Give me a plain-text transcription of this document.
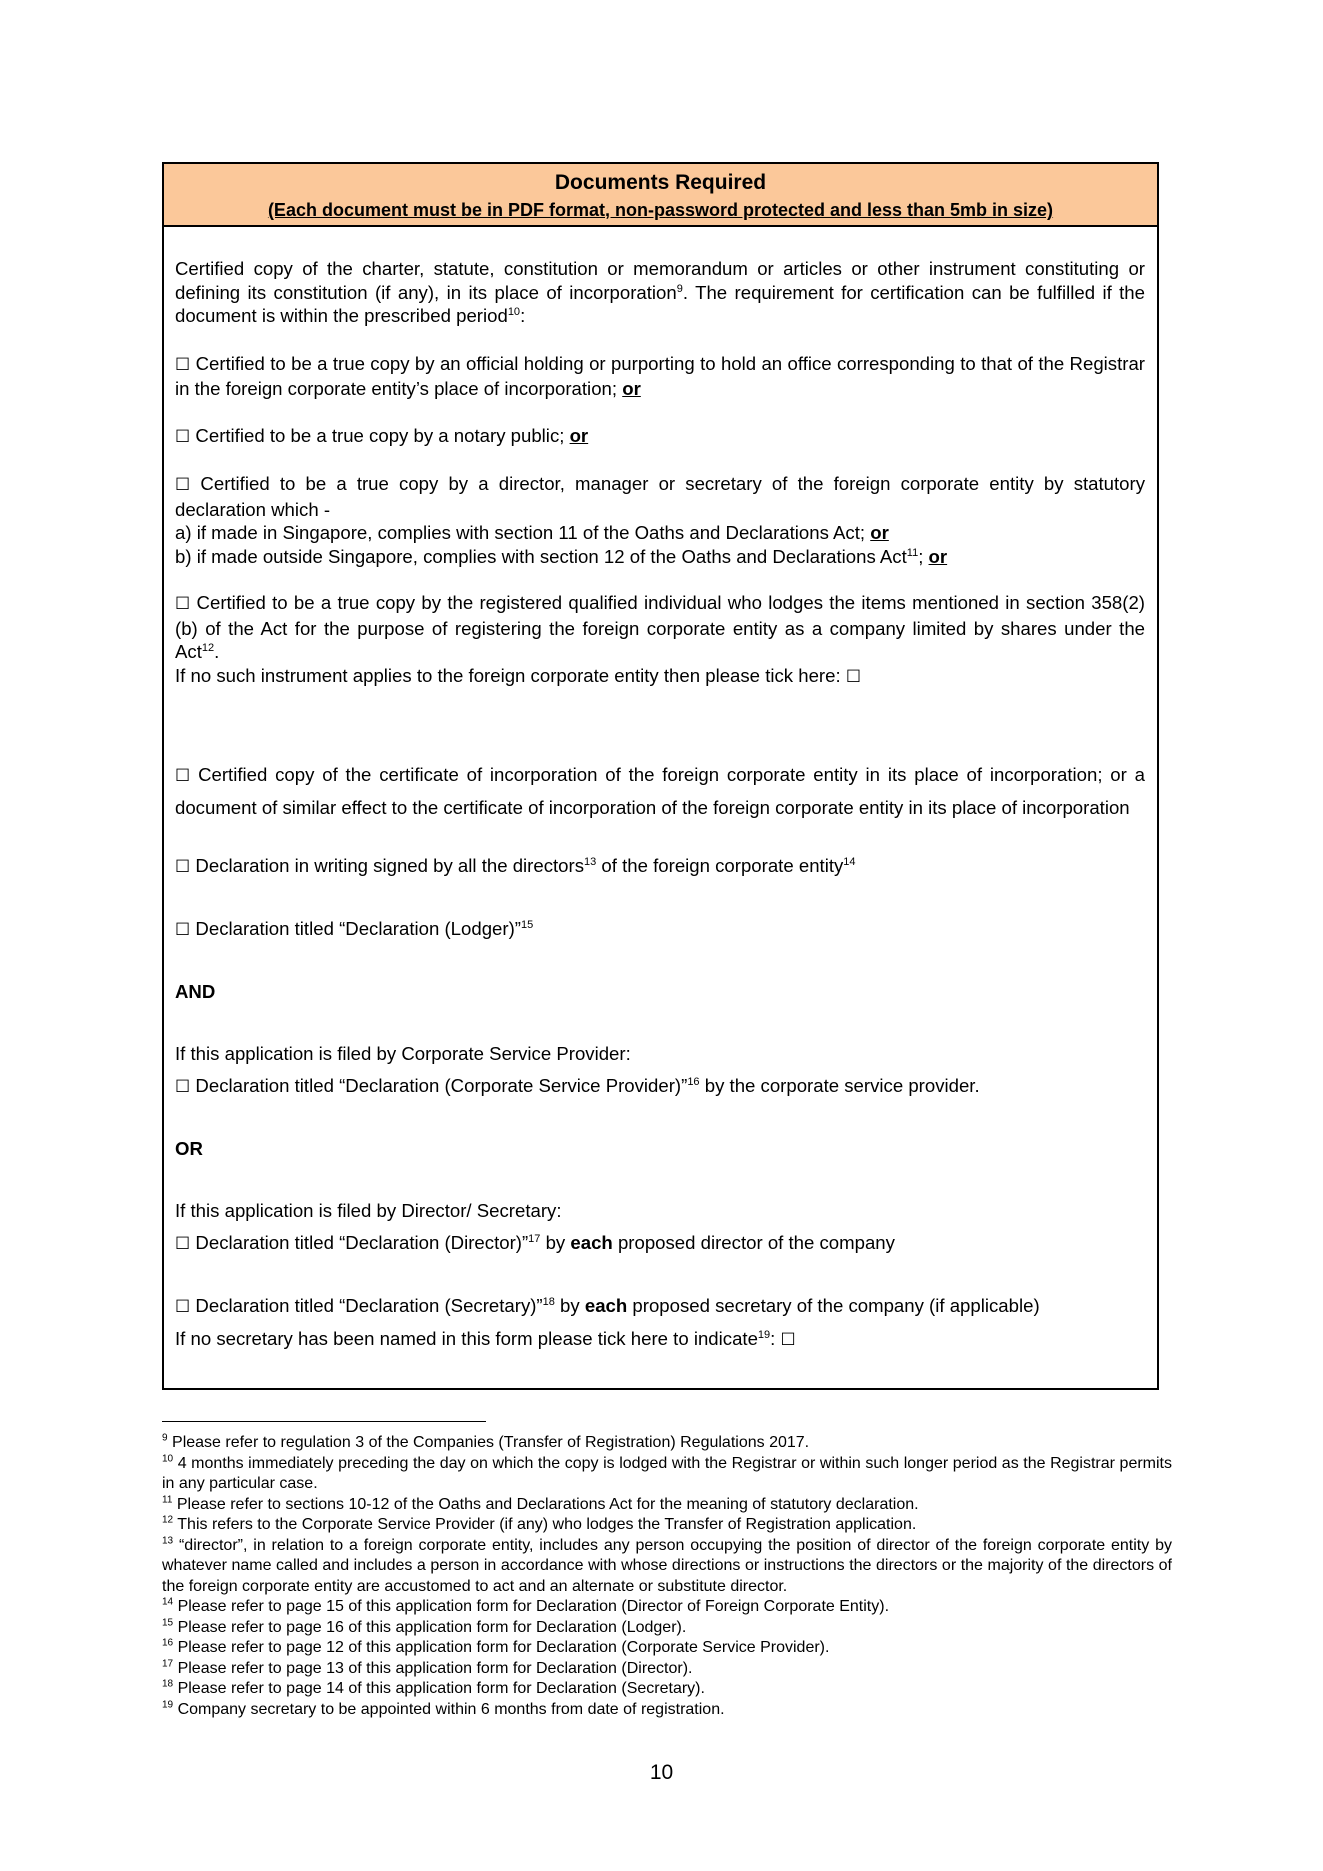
Documents Required
(Each document must be in PDF format, non-password protected and less than 5mb in size)

Certified copy of the charter, statute, constitution or memorandum or articles or other instrument constituting or defining its constitution (if any), in its place of incorporation$^9$. The requirement for certification can be fulfilled if the document is within the prescribed period$^{10}$:

☐ Certified to be a true copy by an official holding or purporting to hold an office corresponding to that of the Registrar in the foreign corporate entity’s place of incorporation; or

☐ Certified to be a true copy by a notary public; or

☐ Certified to be a true copy by a director, manager or secretary of the foreign corporate entity by statutory declaration which -

a) if made in Singapore, complies with section 11 of the Oaths and Declarations Act; or

b) if made outside Singapore, complies with section 12 of the Oaths and Declarations Act$^{11}$; or

☐ Certified to be a true copy by the registered qualified individual who lodges the items mentioned in section 358(2)(b) of the Act for the purpose of registering the foreign corporate entity as a company limited by shares under the Act$^{12}$.

If no such instrument applies to the foreign corporate entity then please tick here: ☐

☐ Certified copy of the certificate of incorporation of the foreign corporate entity in its place of incorporation; or a document of similar effect to the certificate of incorporation of the foreign corporate entity in its place of incorporation

☐ Declaration in writing signed by all the directors$^{13}$ of the foreign corporate entity$^{14}$

☐ Declaration titled “Declaration (Lodger)”$^{15}$

AND

If this application is filed by Corporate Service Provider:

☐ Declaration titled “Declaration (Corporate Service Provider)”$^{16}$ by the corporate service provider.

OR

If this application is filed by Director/ Secretary:

☐ Declaration titled “Declaration (Director)”$^{17}$ by each proposed director of the company

☐ Declaration titled “Declaration (Secretary)”$^{18}$ by each proposed secretary of the company (if applicable)

If no secretary has been named in this form please tick here to indicate$^{19}$: ☐

$^9$ Please refer to regulation 3 of the Companies (Transfer of Registration) Regulations 2017.

$^{10}$ 4 months immediately preceding the day on which the copy is lodged with the Registrar or within such longer period as the Registrar permits in any particular case.

$^{11}$ Please refer to sections 10-12 of the Oaths and Declarations Act for the meaning of statutory declaration.

$^{12}$ This refers to the Corporate Service Provider (if any) who lodges the Transfer of Registration application.

$^{13}$ “director”, in relation to a foreign corporate entity, includes any person occupying the position of director of the foreign corporate entity by whatever name called and includes a person in accordance with whose directions or instructions the directors or the majority of the directors of the foreign corporate entity are accustomed to act and an alternate or substitute director.

$^{14}$ Please refer to page 15 of this application form for Declaration (Director of Foreign Corporate Entity).

$^{15}$ Please refer to page 16 of this application form for Declaration (Lodger).

$^{16}$ Please refer to page 12 of this application form for Declaration (Corporate Service Provider).

$^{17}$ Please refer to page 13 of this application form for Declaration (Director).

$^{18}$ Please refer to page 14 of this application form for Declaration (Secretary).

$^{19}$ Company secretary to be appointed within 6 months from date of registration.

10
